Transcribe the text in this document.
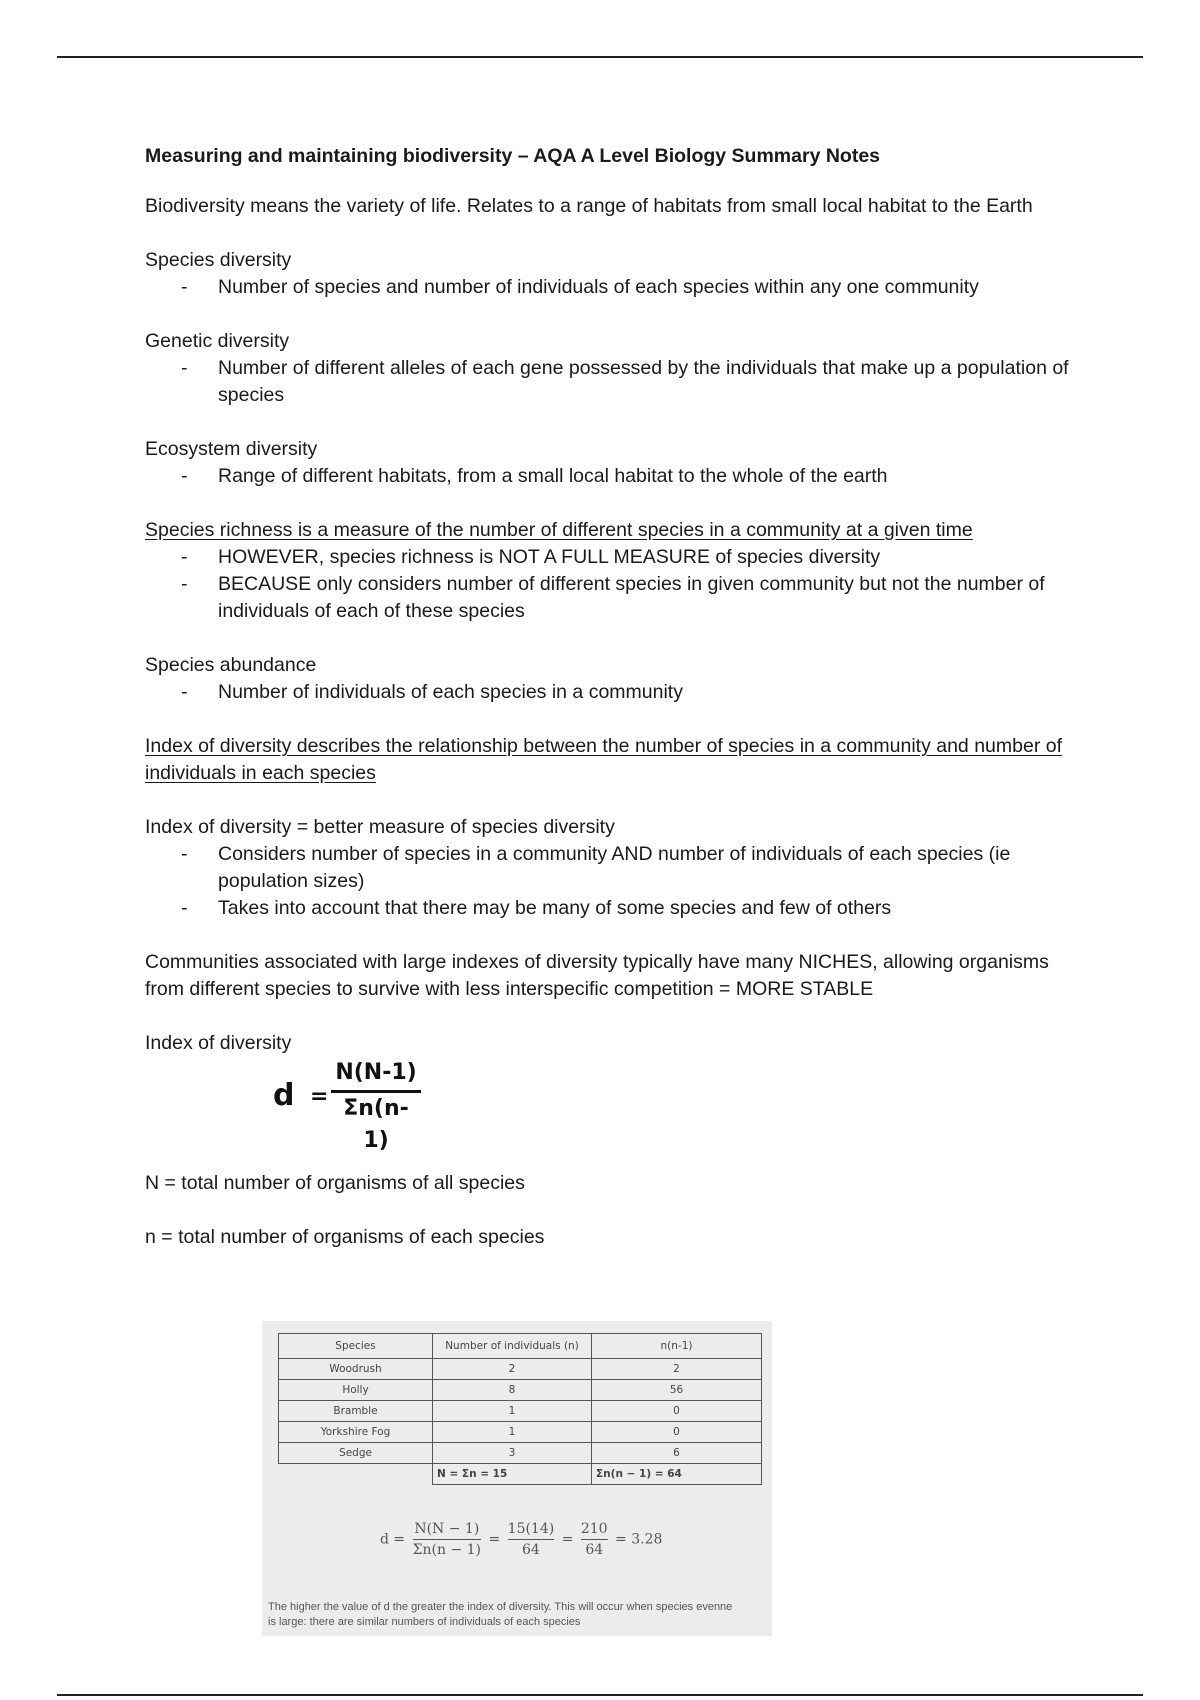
Measuring and maintaining biodiversity – AQA A Level Biology Summary Notes

Biodiversity means the variety of life. Relates to a range of habitats from small local habitat to the Earth

Species diversity
- Number of species and number of individuals of each species within any one community
Genetic diversity
- Number of different alleles of each gene possessed by the individuals that make up a population of species
Ecosystem diversity
- Range of different habitats, from a small local habitat to the whole of the earth
Species richness is a measure of the number of different species in a community at a given time
- HOWEVER, species richness is NOT A FULL MEASURE of species diversity
- BECAUSE only considers number of different species in given community but not the number of individuals of each of these species
Species abundance
- Number of individuals of each species in a community

Index of diversity describes the relationship between the number of species in a community and number of individuals in each species

Index of diversity = better measure of species diversity
- Considers number of species in a community AND number of individuals of each species (ie population sizes)
- Takes into account that there may be many of some species and few of others

Communities associated with large indexes of diversity typically have many NICHES, allowing organisms from different species to survive with less interspecific competition = MORE STABLE

Index of diversity

$d = \frac{N(N-1)}{\Sigma n(n-1)}$

N = total number of organisms of all species

n = total number of organisms of each species

Species	Number of individuals (n)	n(n-1)
Woodrush	2	2
Holly	8	56
Bramble	1	0
Yorkshire Fog	1	0
Sedge	3	6
	N = Σn = 15	Σn(n − 1) = 64
$d = \frac{N(N - 1)}{\Sigma n(n - 1)} = \frac{15(14)}{64} = \frac{210}{64} = 3.28$
The higher the value of d the greater the index of diversity. This will occur when species evenne
is large: there are similar numbers of individuals of each species
